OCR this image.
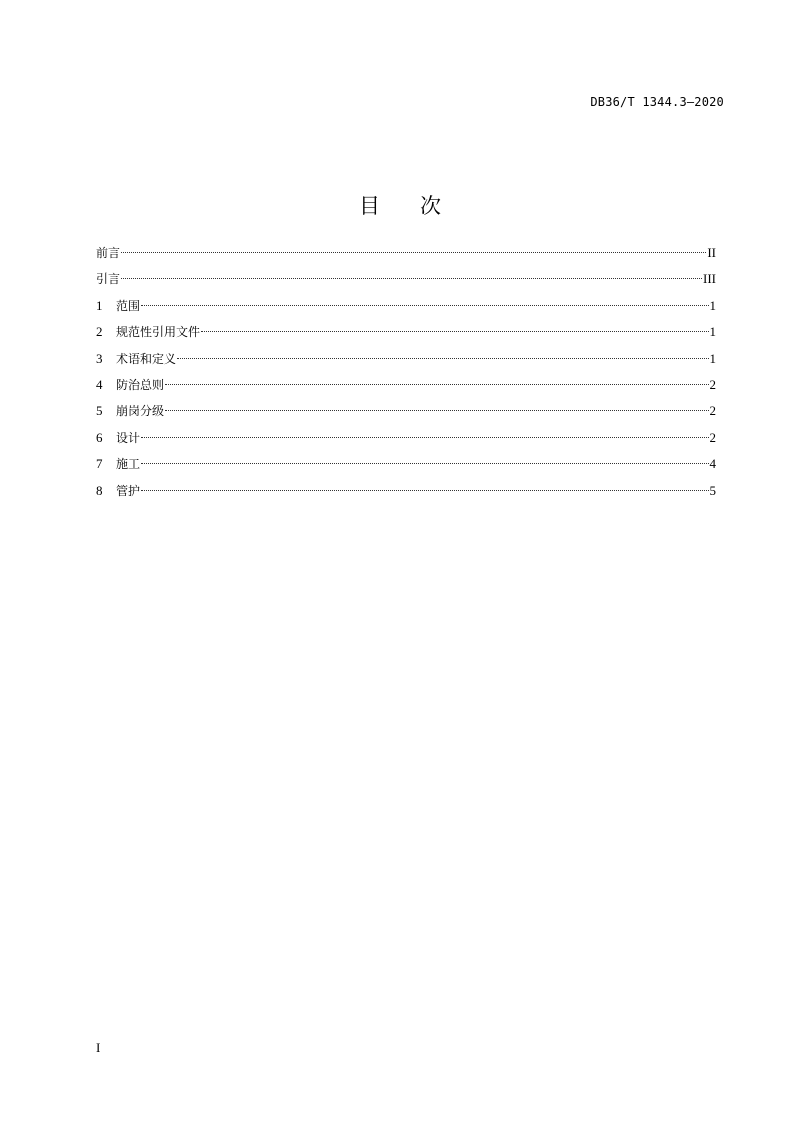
DB36/T 1344.3—2020
目 次
前言	II
引言	III
1	范围	1
2	规范性引用文件	1
3	术语和定义	1
4	防治总则	2
5	崩岗分级	2
6	设计	2
7	施工	4
8	管护	5
I
